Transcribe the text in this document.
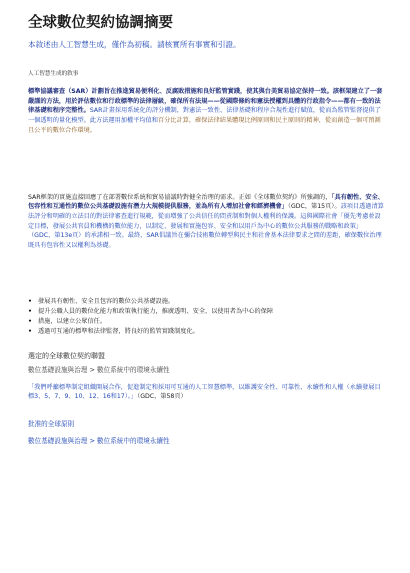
全球數位契約協調摘要
本敘述由人工智慧生成，僅作為初稿。請核實所有事實和引證。
人工智慧生成的敘事

標準協議審查（SAR）計劃旨在推進貿易便利化、反腐敗措施和良好監管實踐，使其與台美貿易協定保持一致。該框架建立了一套嚴謹的方法，用於評估數位和行政標準的法律層級，確保所有法規——從國際條約和憲法授權到具體的行政指令——都有一致的法律基礎和程序完整性。SAR計畫採用系統化的評分機制，對憲法一致性、法律基礎和程序合規性進行賦值，從而為監管監督提供了一個透明的量化模型。此方法運用加權平均值和百分比計算，確保法律結果體現比例原則和民主原則的精神，從而創造一個可預測且公平的數位合作環境。

SAR框架的實施直接回應了在部署數位系統和貿易協議時對健全治理的需求。正如《全球數位契約》所強調的，「具有韌性、安全、包容性和互通性的數位公共基礎設施有潛力大規模提供服務，並為所有人增加社會和經濟機會」（GDC，第15頁）。該項目透過清算法評分和明確的立法目的對法律審查進行規範，從而增強了公共信任的問責制和對個人權利的保護。這與國際社會「優先考慮並設定目標，發展公共官員和機構的數位能力，以制定、發展和實施包容、安全和以用戶為中心的數位公共服務的戰略和政策」（GDC，第13e頁）的承諾相一致。最終，SAR倡議旨在彌合技術數位轉型與民主和社會基本法律要求之間的差距，確保數位治理既具有包容性又以權利為基礎。

• 發展具有韌性、安全且包容的數位公共基礎設施。
• 提升公職人員的數位化能力和政策執行能力，推廣透明、安全、以使用者為中心的保障
• 措施，以建立公眾信任。
• 透過可互通的標準和法律監督，將良好的監管實踐制度化。
選定的全球數位契約聯盟
數位基礎設施與治理 > 數位系統中的環境永續性

「我們呼籲標準制定組織開展合作，促進制定和採用可互通的人工智慧標準，以維護安全性、可靠性、永續性和人權（永續發展目標3、5、7、9、10、12、16和17）。」（GDC，第58頁）

批准的全球原則
數位基礎設施與治理 > 數位系統中的環境永續性
